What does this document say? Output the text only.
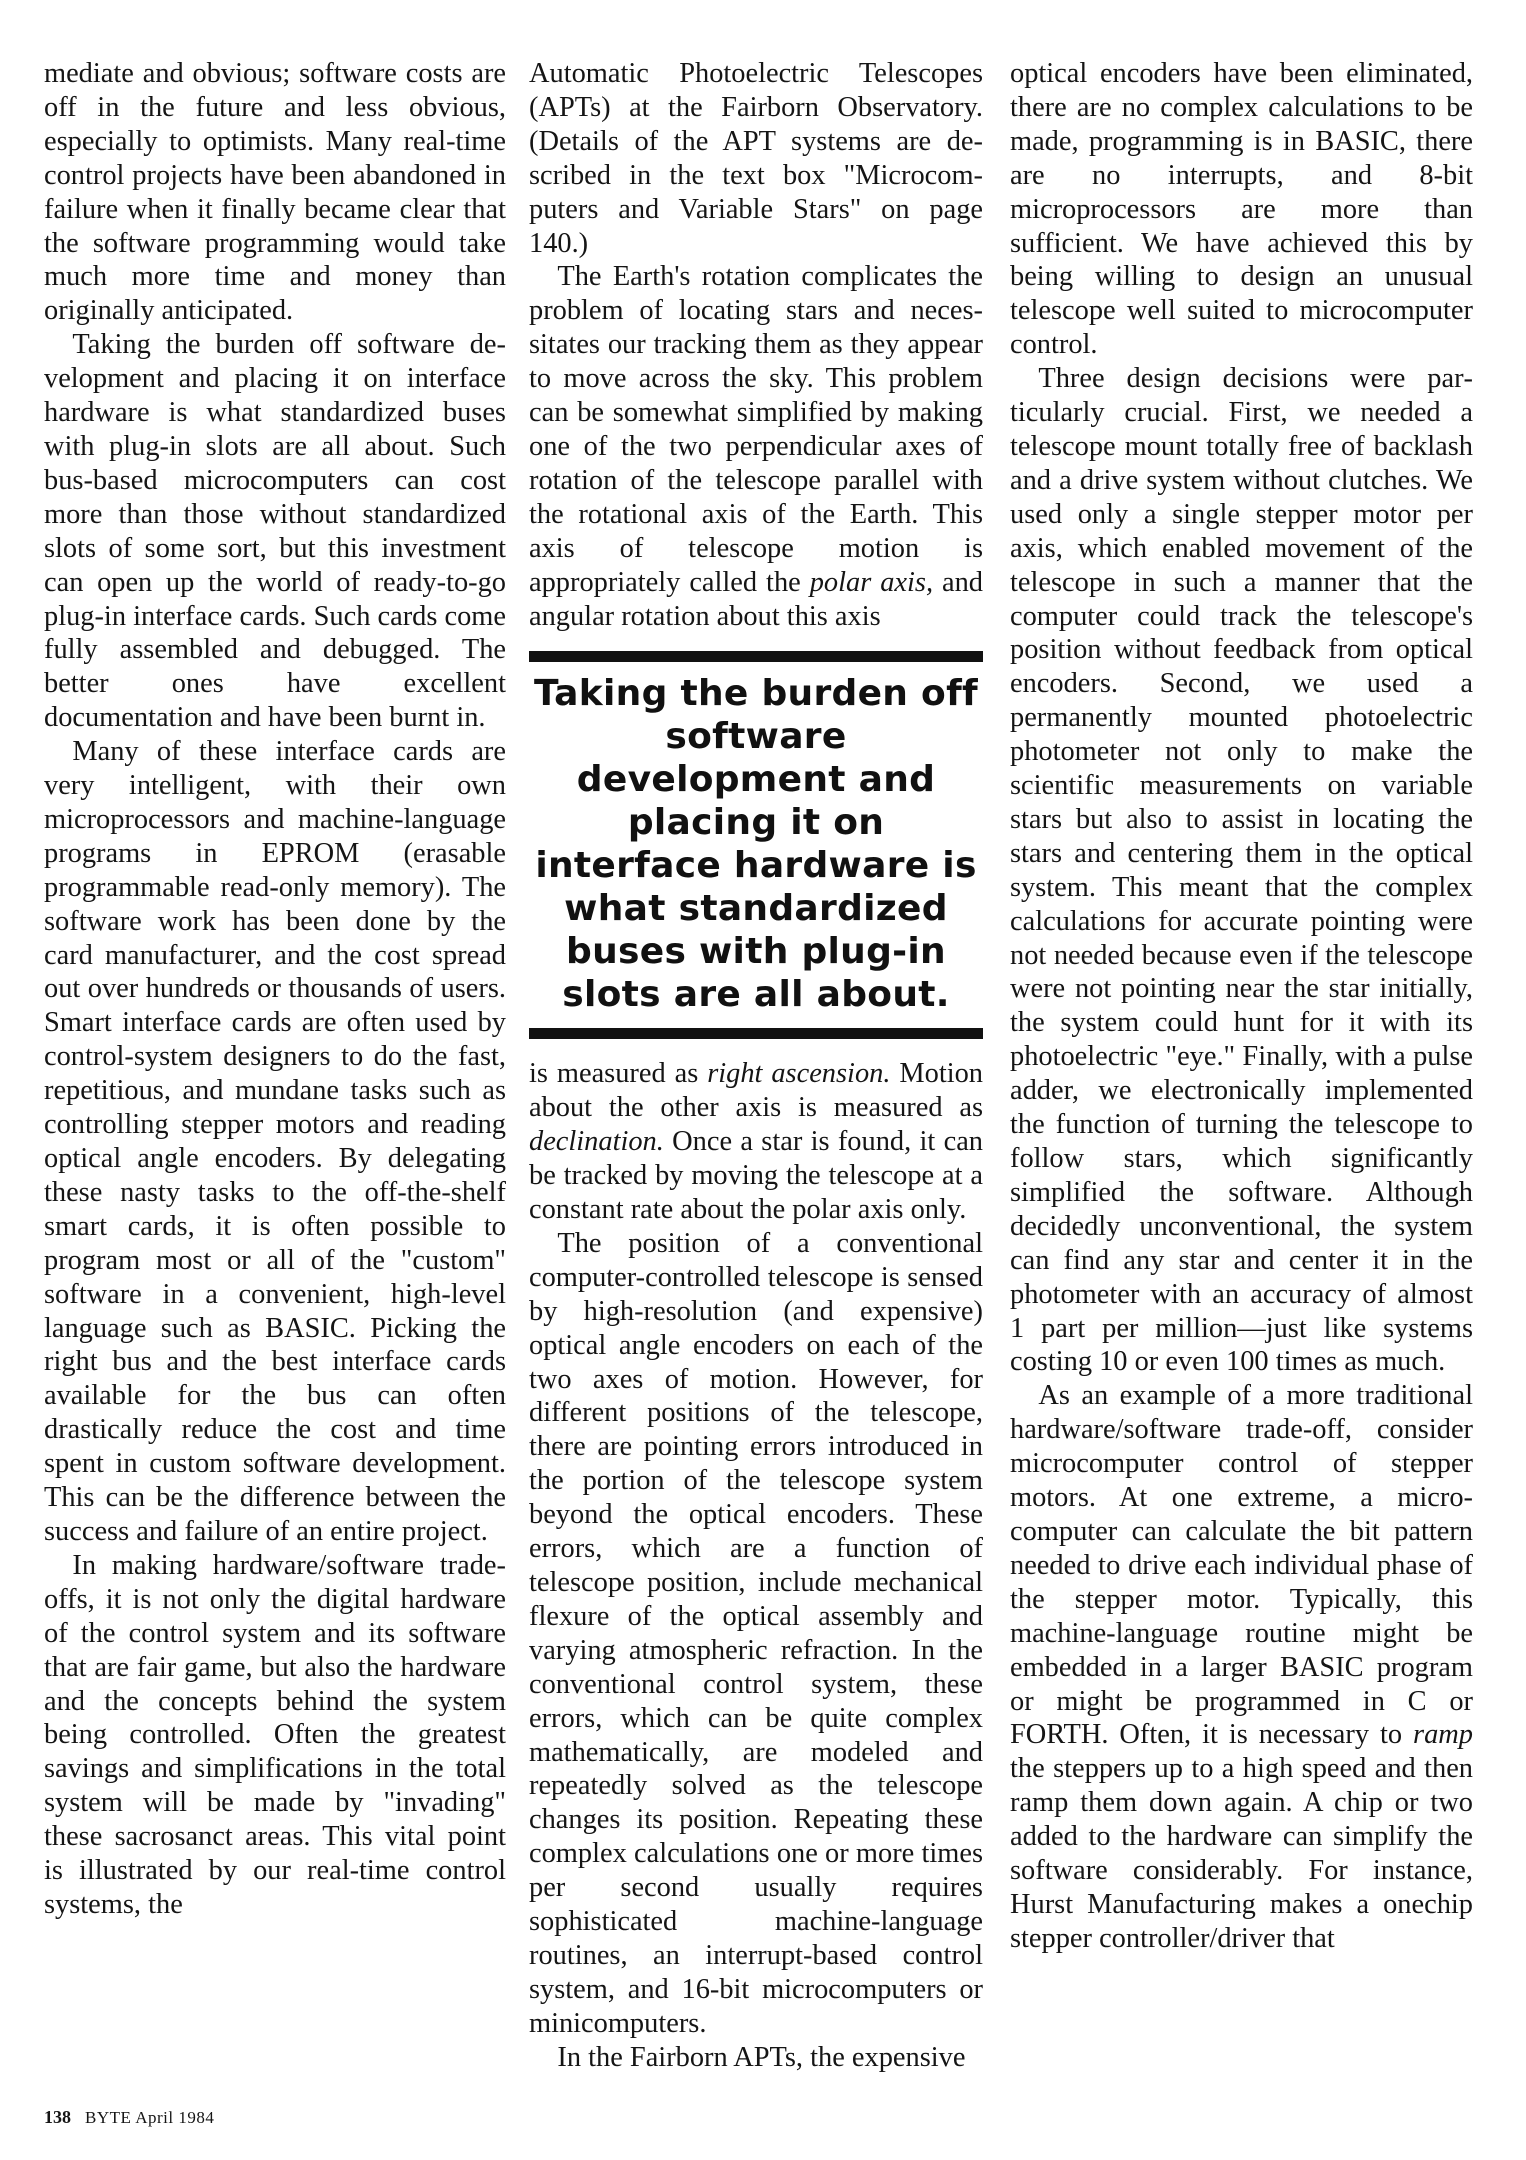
mediate and obvious; software costs are off in the future and less obvious, especially to optimists. Many real-time control projects have been abandoned in failure when it finally became clear that the software programming would take much more time and money than originally anticipated.

Taking the burden off software development and placing it on interface hardware is what standardized buses with plug-in slots are all about. Such bus-based microcomputers can cost more than those without standardized slots of some sort, but this investment can open up the world of ready-to-go plug-in interface cards. Such cards come fully assembled and debugged. The better ones have excellent documentation and have been burnt in.

Many of these interface cards are very intelligent, with their own microprocessors and machine-language programs in EPROM (erasable programmable read-only memory). The software work has been done by the card manufacturer, and the cost spread out over hundreds or thousands of users. Smart interface cards are often used by control-system designers to do the fast, repetitious, and mundane tasks such as controlling stepper motors and reading optical angle encoders. By delegating these nasty tasks to the off-the-shelf smart cards, it is often possible to program most or all of the "custom" software in a convenient, high-level language such as BASIC. Picking the right bus and the best interface cards available for the bus can often drastically reduce the cost and time spent in custom software development. This can be the difference between the success and failure of an entire project.

In making hardware/software trade-offs, it is not only the digital hardware of the control system and its software that are fair game, but also the hardware and the concepts behind the system being controlled. Often the greatest savings and simplifications in the total system will be made by "invading" these sacrosanct areas. This vital point is illustrated by our real-time control systems, the

Automatic Photoelectric Telescopes (APTs) at the Fairborn Observatory. (Details of the APT systems are described in the text box "Microcomputers and Variable Stars" on page 140.)

The Earth's rotation complicates the problem of locating stars and necessitates our tracking them as they appear to move across the sky. This problem can be somewhat simplified by making one of the two perpendicular axes of rotation of the telescope parallel with the rotational axis of the Earth. This axis of telescope motion is appropriately called the polar axis, and angular rotation about this axis

Taking the burden off software development and placing it on interface hardware is what standardized buses with plug-in slots are all about.

is measured as right ascension. Motion about the other axis is measured as declination. Once a star is found, it can be tracked by moving the telescope at a constant rate about the polar axis only.

The position of a conventional computer-controlled telescope is sensed by high-resolution (and expensive) optical angle encoders on each of the two axes of motion. However, for different positions of the telescope, there are pointing errors introduced in the portion of the telescope system beyond the optical encoders. These errors, which are a function of telescope position, include mechanical flexure of the optical assembly and varying atmospheric refraction. In the conventional control system, these errors, which can be quite complex mathematically, are modeled and repeatedly solved as the telescope changes its position. Repeating these complex calculations one or more times per second usually requires sophisticated machine-language routines, an interrupt-based control system, and 16-bit microcomputers or minicomputers.

In the Fairborn APTs, the expensive

optical encoders have been eliminated, there are no complex calculations to be made, programming is in BASIC, there are no interrupts, and 8-bit microprocessors are more than sufficient. We have achieved this by being willing to design an unusual telescope well suited to microcomputer control.

Three design decisions were particularly crucial. First, we needed a telescope mount totally free of backlash and a drive system without clutches. We used only a single stepper motor per axis, which enabled movement of the telescope in such a manner that the computer could track the telescope's position without feedback from optical encoders. Second, we used a permanently mounted photoelectric photometer not only to make the scientific measurements on variable stars but also to assist in locating the stars and centering them in the optical system. This meant that the complex calculations for accurate pointing were not needed because even if the telescope were not pointing near the star initially, the system could hunt for it with its photoelectric "eye." Finally, with a pulse adder, we electronically implemented the function of turning the telescope to follow stars, which significantly simplified the software. Although decidedly unconventional, the system can find any star and center it in the photometer with an accuracy of almost 1 part per million—just like systems costing 10 or even 100 times as much.

As an example of a more traditional hardware/software trade-off, consider microcomputer control of stepper motors. At one extreme, a microcomputer can calculate the bit pattern needed to drive each individual phase of the stepper motor. Typically, this machine-language routine might be embedded in a larger BASIC program or might be programmed in C or FORTH. Often, it is necessary to ramp the steppers up to a high speed and then ramp them down again. A chip or two added to the hardware can simplify the software considerably. For instance, Hurst Manufacturing makes a onechip stepper controller/driver that

138 BYTE April 1984
